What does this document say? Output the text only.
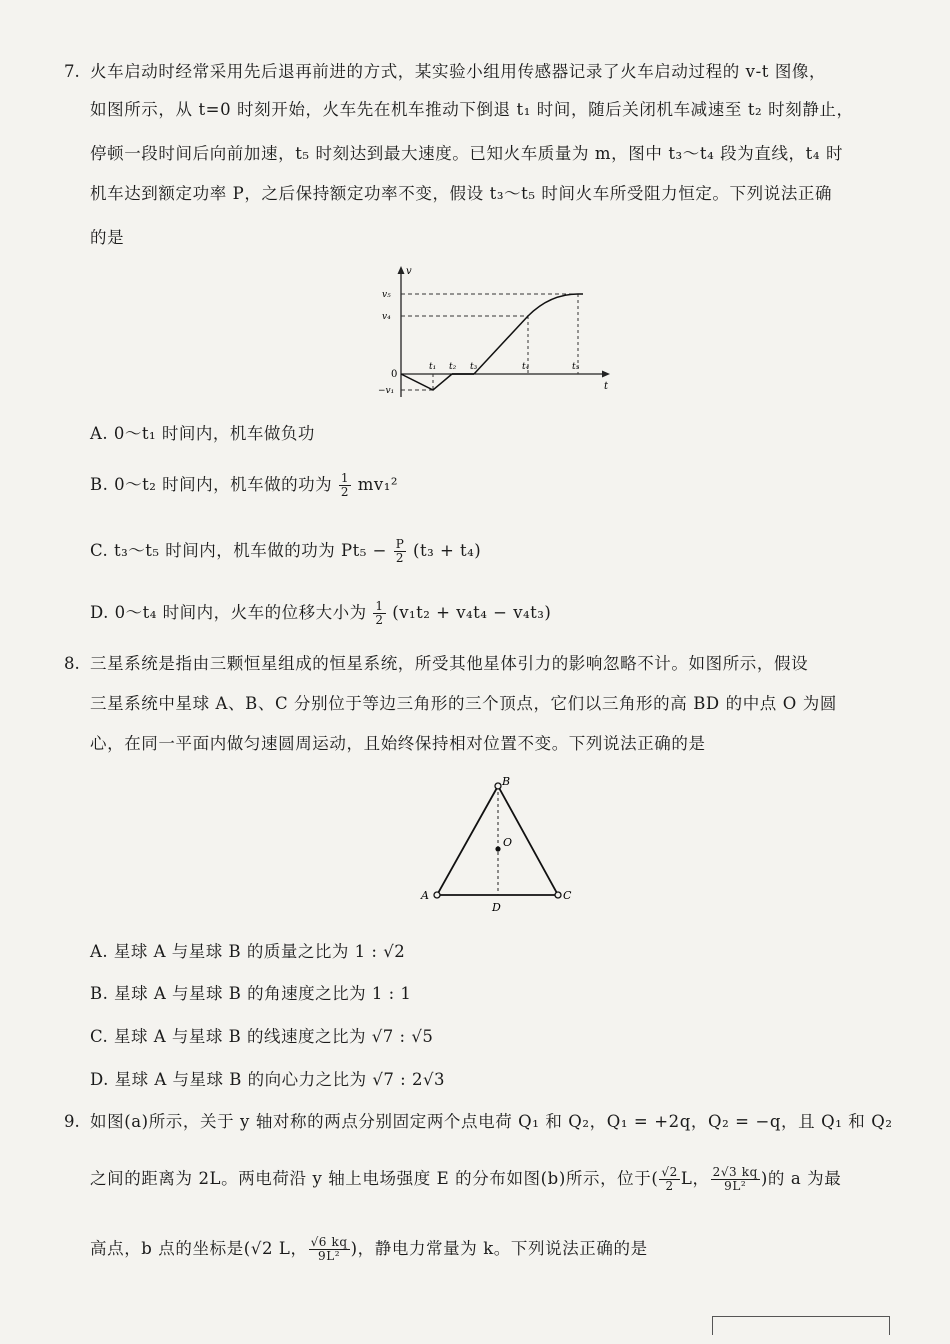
7. 火车启动时经常采用先后退再前进的方式，某实验小组用传感器记录了火车启动过程的 v-t 图像，
如图所示，从 t=0 时刻开始，火车先在机车推动下倒退 t₁ 时间，随后关闭机车减速至 t₂ 时刻静止，
停顿一段时间后向前加速，t₅ 时刻达到最大速度。已知火车质量为 m，图中 t₃～t₄ 段为直线，t₄ 时
机车达到额定功率 P，之后保持额定功率不变，假设 t₃～t₅ 时间火车所受阻力恒定。下列说法正确
的是
v
t
0
v₅
v₄
−v₁
t₁ t₂ t₃	t₄	t₅
A. 0～t₁ 时间内，机车做负功
B. 0～t₂ 时间内，机车做的功为 $\frac{1}{2} mv_1^2$
C. t₃～t₅ 时间内，机车做的功为 $Pt_5 - \frac{P}{2} (t_3 + t_4)$
D. 0～t₄ 时间内，火车的位移大小为 $\frac{1}{2} (v_1t_2 + v_4t_4 - v_4t_3)$
8. 三星系统是指由三颗恒星组成的恒星系统，所受其他星体引力的影响忽略不计。如图所示，假设
三星系统中星球 A、B、C 分别位于等边三角形的三个顶点，它们以三角形的高 BD 的中点 O 为圆
心，在同一平面内做匀速圆周运动，且始终保持相对位置不变。下列说法正确的是
B
O
A	C
D
A. 星球 A 与星球 B 的质量之比为 1 : √2
B. 星球 A 与星球 B 的角速度之比为 1 : 1
C. 星球 A 与星球 B 的线速度之比为 √7 : √5
D. 星球 A 与星球 B 的向心力之比为 √7 : 2√3
9. 如图(a)所示，关于 y 轴对称的两点分别固定两个点电荷 Q₁ 和 Q₂，Q₁ = +2q，Q₂ = −q，且 Q₁ 和 Q₂
之间的距离为 2L。两电荷沿 y 轴上电场强度 E 的分布如图(b)所示，位于( $\frac{√2}{2}$ L， $\frac{2√3 kq}{\text{9L²}}$ )的 a 为最
高点，b 点的坐标是(√2 L， $\frac{√6 kq}{\text{9L²}}$ )，静电力常量为 k。下列说法正确的是
